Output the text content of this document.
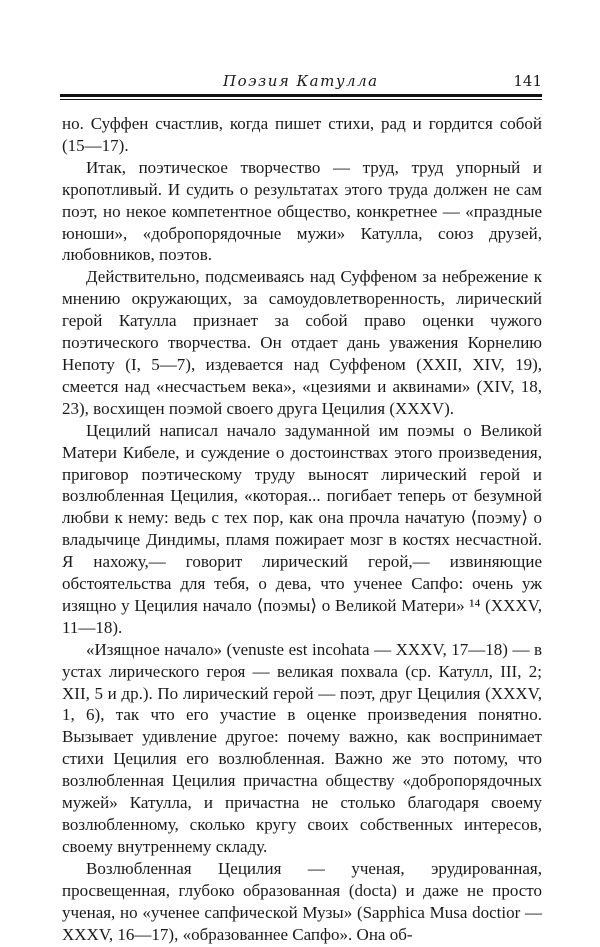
Поэзия Катулла	141

но. Суффен счастлив, когда пишет стихи, рад и гордится собой (15—17).

Итак, поэтическое творчество — труд, труд упорный и кропотливый. И судить о результатах этого труда должен не сам поэт, но некое компетентное общество, конкретнее — «праздные юноши», «добропорядочные мужи» Катулла, союз друзей, любовников, поэтов.

Действительно, подсмеиваясь над Суффеном за небрежение к мнению окружающих, за самоудовлетворенность, лирический герой Катулла признает за собой право оценки чужого поэтического творчества. Он отдает дань уважения Корнелию Непоту (I, 5—7), издевается над Суффеном (XXII, XIV, 19), смеется над «несчастьем века», «цезиями и аквинами» (XIV, 18, 23), восхищен поэмой своего друга Цецилия (XXXV).

Цецилий написал начало задуманной им поэмы о Великой Матери Кибеле, и суждение о достоинствах этого произведения, приговор поэтическому труду выносят лирический герой и возлюбленная Цецилия, «которая... погибает теперь от безумной любви к нему: ведь с тех пор, как она прочла начатую ⟨поэму⟩ о владычице Диндимы, пламя пожирает мозг в костях несчастной. Я нахожу,— говорит лирический герой,— извиняющие обстоятельства для тебя, о дева, что ученее Сапфо: очень уж изящно у Цецилия начало ⟨поэмы⟩ о Великой Матери» ¹⁴ (XXXV, 11—18).

«Изящное начало» (venuste est incohata — XXXV, 17—18) — в устах лирического героя — великая похвала (ср. Катулл, III, 2; XII, 5 и др.). По лирический герой — поэт, друг Цецилия (XXXV, 1, 6), так что его участие в оценке произведения понятно. Вызывает удивление другое: почему важно, как воспринимает стихи Цецилия его возлюбленная. Важно же это потому, что возлюбленная Цецилия причастна обществу «добропорядочных мужей» Катулла, и причастна не столько благодаря своему возлюбленному, сколько кругу своих собственных интересов, своему внутреннему складу.

Возлюбленная Цецилия — ученая, эрудированная, просвещенная, глубоко образованная (docta) и даже не просто ученая, но «ученее сапфической Музы» (Sapphica Musa doctior — XXXV, 16—17), «образованнее Сапфо». Она об-
